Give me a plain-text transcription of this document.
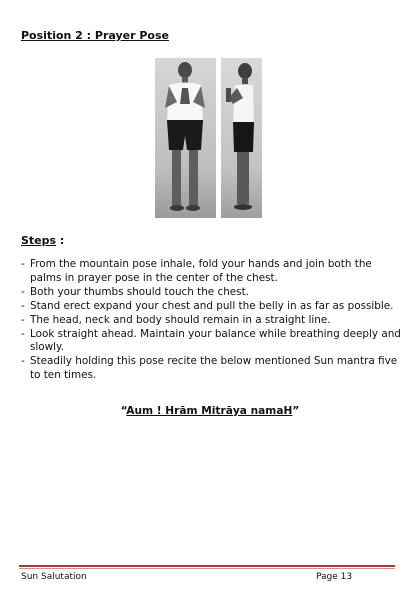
Position 2 : Prayer Pose
Steps :
- From the mountain pose inhale, fold your hands and join both the palms in prayer pose in the center of the chest.
- Both your thumbs should touch the chest.
- Stand erect expand your chest and pull the belly in as far as possible.
- The head, neck and body should remain in a straight line.
- Look straight ahead. Maintain your balance while breathing deeply and slowly.
- Steadily holding this pose recite the below mentioned Sun mantra five to ten times.
“Aum ! Hrām Mitrāya namaH”
Sun Salutation	Page 13
